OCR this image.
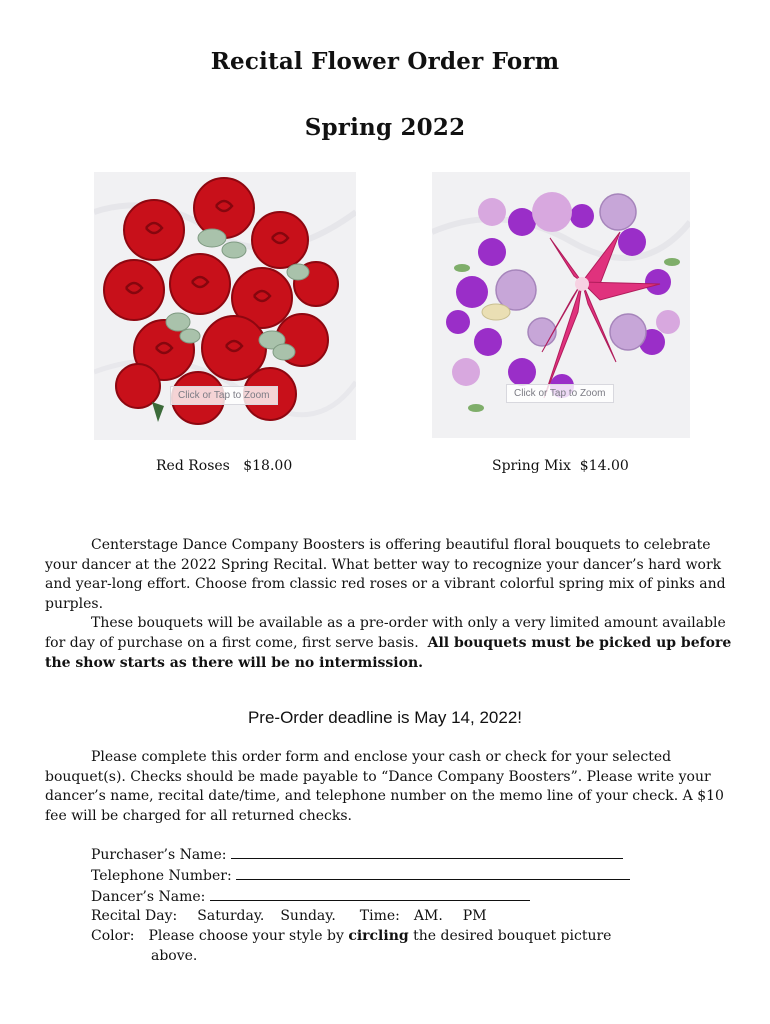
Recital Flower Order Form
Spring 2022
Click or Tap to Zoom	Click or Tap to Zoom
Red Roses $18.00	Spring Mix $14.00

Centerstage Dance Company Boosters is offering beautiful floral bouquets to celebrate your dancer at the 2022 Spring Recital. What better way to recognize your dancer’s hard work and year-long effort. Choose from classic red roses or a vibrant colorful spring mix of pinks and purples.

These bouquets will be available as a pre-order with only a very limited amount available for day of purchase on a first come, first serve basis. All bouquets must be picked up before the show starts as there will be no intermission.

Pre-Order deadline is May 14, 2022!

Please complete this order form and enclose your cash or check for your selected bouquet(s). Checks should be made payable to “Dance Company Boosters”. Please write your dancer’s name, recital date/time, and telephone number on the memo line of your check. A $10 fee will be charged for all returned checks.

Purchaser’s Name:
Telephone Number:
Dancer’s Name:
Recital Day: Saturday. Sunday. Time: AM. PM
Color: Please choose your style by circling the desired bouquet picture
above.
